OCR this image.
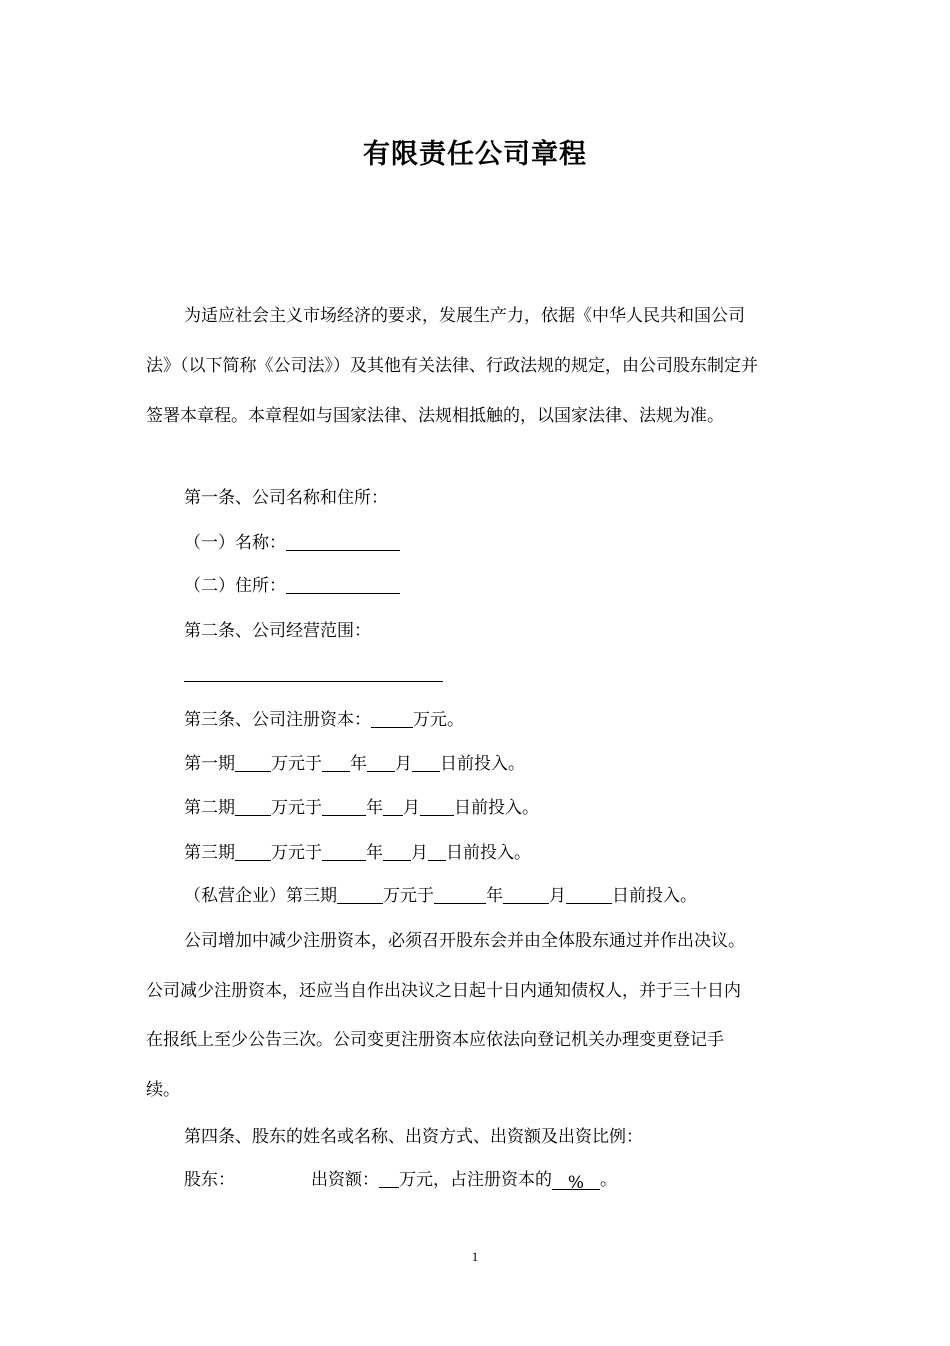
有限责任公司章程
为适应社会主义市场经济的要求，发展生产力，依据《中华人民共和国公司
法》（以下简称《公司法》）及其他有关法律、行政法规的规定，由公司股东制定并
签署本章程。本章程如与国家法律、法规相抵触的，以国家法律、法规为准。
第一条、公司名称和住所：
（一）名称：
（二）住所：
第二条、公司经营范围：
第三条、公司注册资本： 万元。
第一期 万元于 年 月 日前投入。
第二期 万元于	年 月 日前投入。
第三期 万元于	年 月 日前投入。
（私营企业）第三期	万元于	年	月	日前投入。
公司增加中减少注册资本，必须召开股东会并由全体股东通过并作出决议。
公司减少注册资本，还应当自作出决议之日起十日内通知债权人，并于三十日内
在报纸上至少公告三次。公司变更注册资本应依法向登记机关办理变更登记手
续。
第四条、股东的姓名或名称、出资方式、出资额及出资比例：
股东：	出资额： 万元，占注册资本的 % 。
1
